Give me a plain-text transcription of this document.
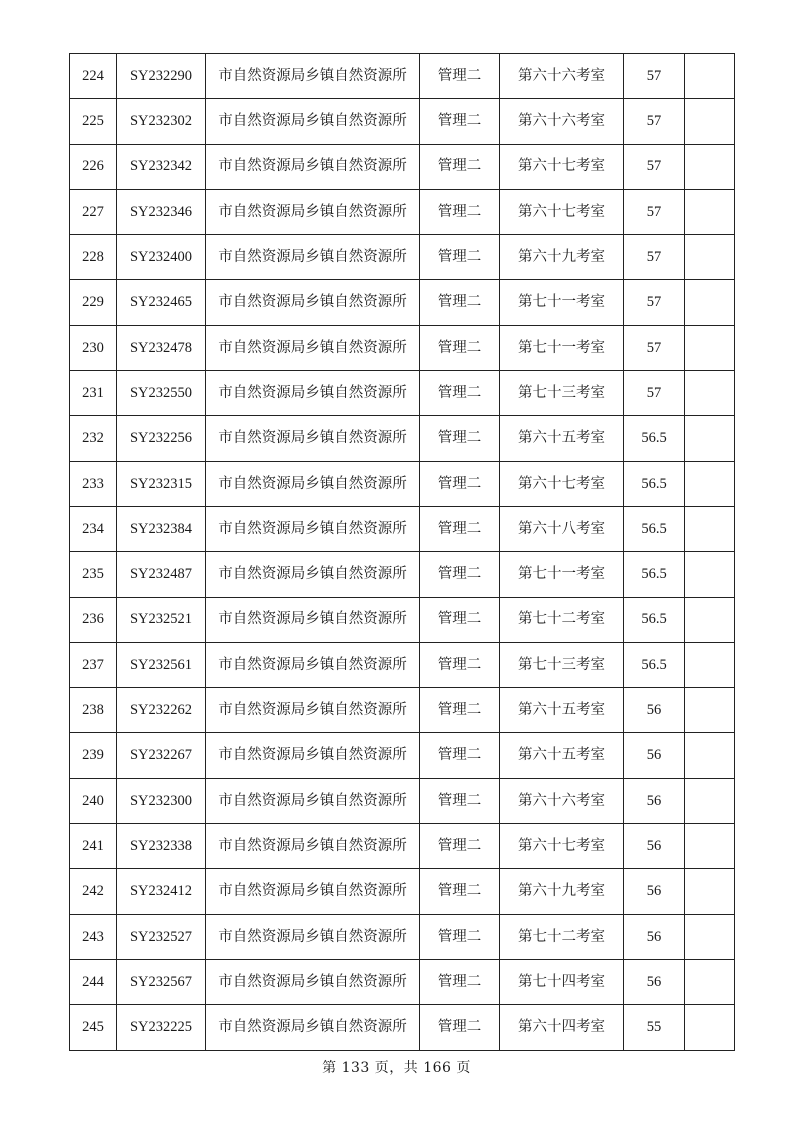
224	SY232290	市自然资源局乡镇自然资源所	管理二	第六十六考室	57	
225	SY232302	市自然资源局乡镇自然资源所	管理二	第六十六考室	57	
226	SY232342	市自然资源局乡镇自然资源所	管理二	第六十七考室	57	
227	SY232346	市自然资源局乡镇自然资源所	管理二	第六十七考室	57	
228	SY232400	市自然资源局乡镇自然资源所	管理二	第六十九考室	57	
229	SY232465	市自然资源局乡镇自然资源所	管理二	第七十一考室	57	
230	SY232478	市自然资源局乡镇自然资源所	管理二	第七十一考室	57	
231	SY232550	市自然资源局乡镇自然资源所	管理二	第七十三考室	57	
232	SY232256	市自然资源局乡镇自然资源所	管理二	第六十五考室	56.5	
233	SY232315	市自然资源局乡镇自然资源所	管理二	第六十七考室	56.5	
234	SY232384	市自然资源局乡镇自然资源所	管理二	第六十八考室	56.5	
235	SY232487	市自然资源局乡镇自然资源所	管理二	第七十一考室	56.5	
236	SY232521	市自然资源局乡镇自然资源所	管理二	第七十二考室	56.5	
237	SY232561	市自然资源局乡镇自然资源所	管理二	第七十三考室	56.5	
238	SY232262	市自然资源局乡镇自然资源所	管理二	第六十五考室	56	
239	SY232267	市自然资源局乡镇自然资源所	管理二	第六十五考室	56	
240	SY232300	市自然资源局乡镇自然资源所	管理二	第六十六考室	56	
241	SY232338	市自然资源局乡镇自然资源所	管理二	第六十七考室	56	
242	SY232412	市自然资源局乡镇自然资源所	管理二	第六十九考室	56	
243	SY232527	市自然资源局乡镇自然资源所	管理二	第七十二考室	56	
244	SY232567	市自然资源局乡镇自然资源所	管理二	第七十四考室	56	
245	SY232225	市自然资源局乡镇自然资源所	管理二	第六十四考室	55	
第 133 页，共 166 页
